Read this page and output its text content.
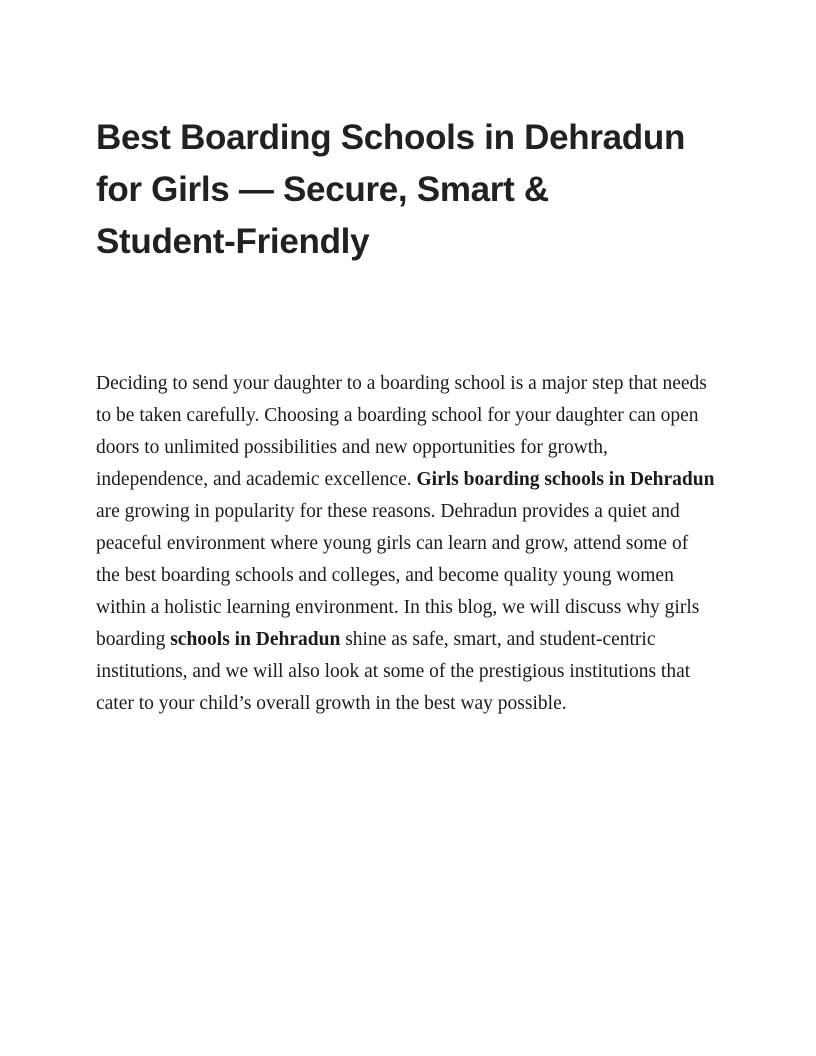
Best Boarding Schools in Dehradun for Girls — Secure, Smart & Student-Friendly

Deciding to send your daughter to a boarding school is a major step that needs to be taken carefully. Choosing a boarding school for your daughter can open doors to unlimited possibilities and new opportunities for growth, independence, and academic excellence. Girls boarding schools in Dehradun are growing in popularity for these reasons. Dehradun provides a quiet and peaceful environment where young girls can learn and grow, attend some of the best boarding schools and colleges, and become quality young women within a holistic learning environment. In this blog, we will discuss why girls boarding schools in Dehradun shine as safe, smart, and student-centric institutions, and we will also look at some of the prestigious institutions that cater to your child’s overall growth in the best way possible.
